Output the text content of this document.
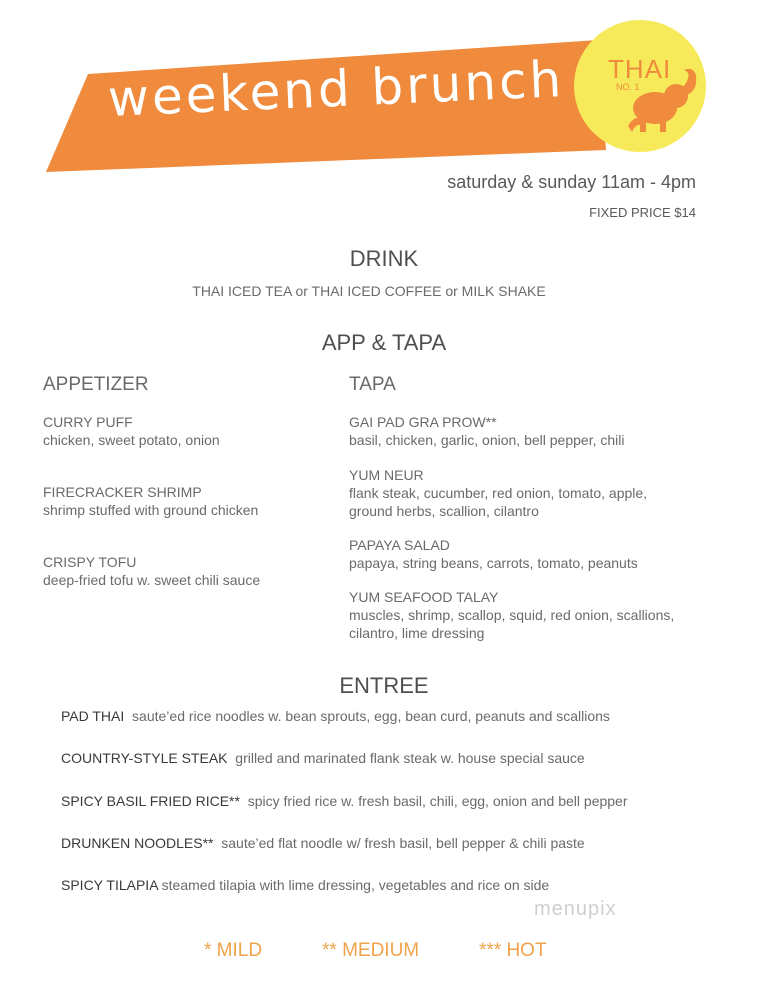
weekend brunch	THAI
NO. 1
saturday & sunday 11am - 4pm
FIXED PRICE $14
DRINK
THAI ICED TEA or THAI ICED COFFEE or MILK SHAKE
APP & TAPA
APPETIZER	TAPA
CURRY PUFF
chicken, sweet potato, onion
FIRECRACKER SHRIMP
shrimp stuffed with ground chicken
CRISPY TOFU
deep-fried tofu w. sweet chili sauce
GAI PAD GRA PROW**
basil, chicken, garlic, onion, bell pepper, chili
YUM NEUR
flank steak, cucumber, red onion, tomato, apple,
ground herbs, scallion, cilantro
PAPAYA SALAD
papaya, string beans, carrots, tomato, peanuts
YUM SEAFOOD TALAY
muscles, shrimp, scallop, squid, red onion, scallions,
cilantro, lime dressing
ENTREE
PAD THAI  saute’ed rice noodles w. bean sprouts, egg, bean curd, peanuts and scallions
COUNTRY-STYLE STEAK  grilled and marinated flank steak w. house special sauce
SPICY BASIL FRIED RICE**  spicy fried rice w. fresh basil, chili, egg, onion and bell pepper
DRUNKEN NOODLES**  saute’ed flat noodle w/ fresh basil, bell pepper & chili paste
SPICY TILAPIA steamed tilapia with lime dressing, vegetables and rice on side
menupix
* MILD	** MEDIUM	*** HOT
